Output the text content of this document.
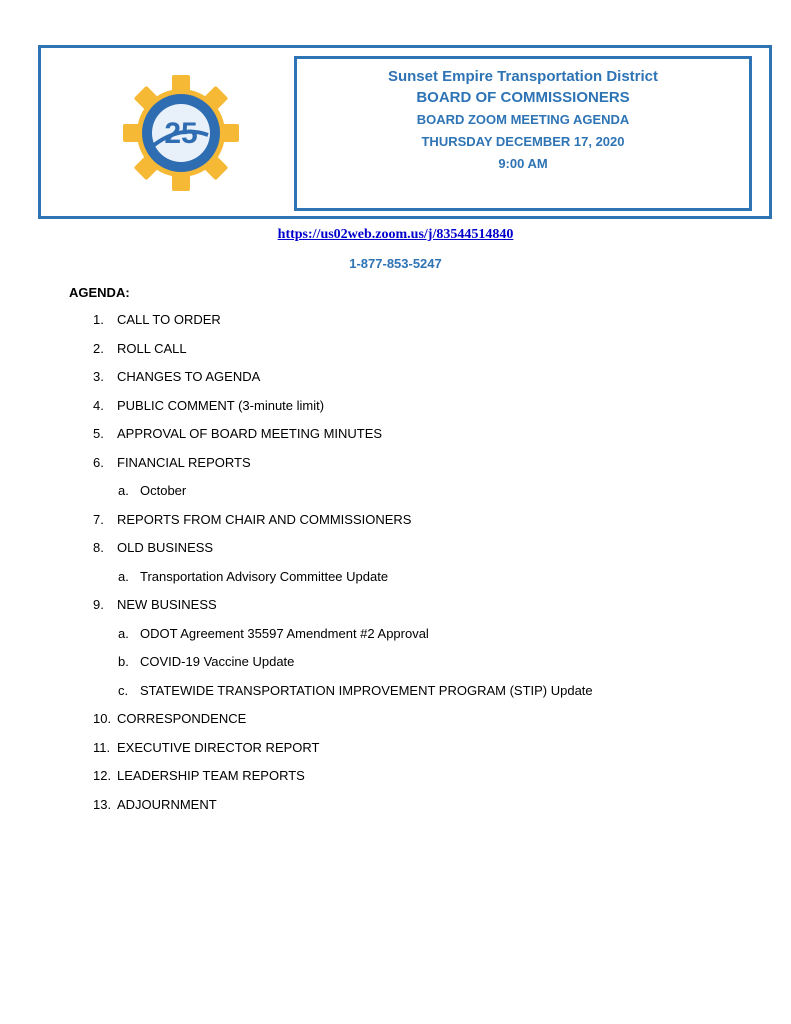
25
Sunset Empire Transportation District
BOARD OF COMMISSIONERS
BOARD ZOOM MEETING AGENDA
THURSDAY DECEMBER 17, 2020
9:00 AM
https://us02web.zoom.us/j/83544514840
1-877-853-5247
AGENDA:
1. CALL TO ORDER
2. ROLL CALL
3. CHANGES TO AGENDA
4. PUBLIC COMMENT (3-minute limit)
5. APPROVAL OF BOARD MEETING MINUTES
6. FINANCIAL REPORTS
a. October
7. REPORTS FROM CHAIR AND COMMISSIONERS
8. OLD BUSINESS
a. Transportation Advisory Committee Update
9. NEW BUSINESS
a. ODOT Agreement 35597 Amendment #2 Approval
b. COVID-19 Vaccine Update
c. STATEWIDE TRANSPORTATION IMPROVEMENT PROGRAM (STIP) Update
10. CORRESPONDENCE
11. EXECUTIVE DIRECTOR REPORT
12. LEADERSHIP TEAM REPORTS
13. ADJOURNMENT
